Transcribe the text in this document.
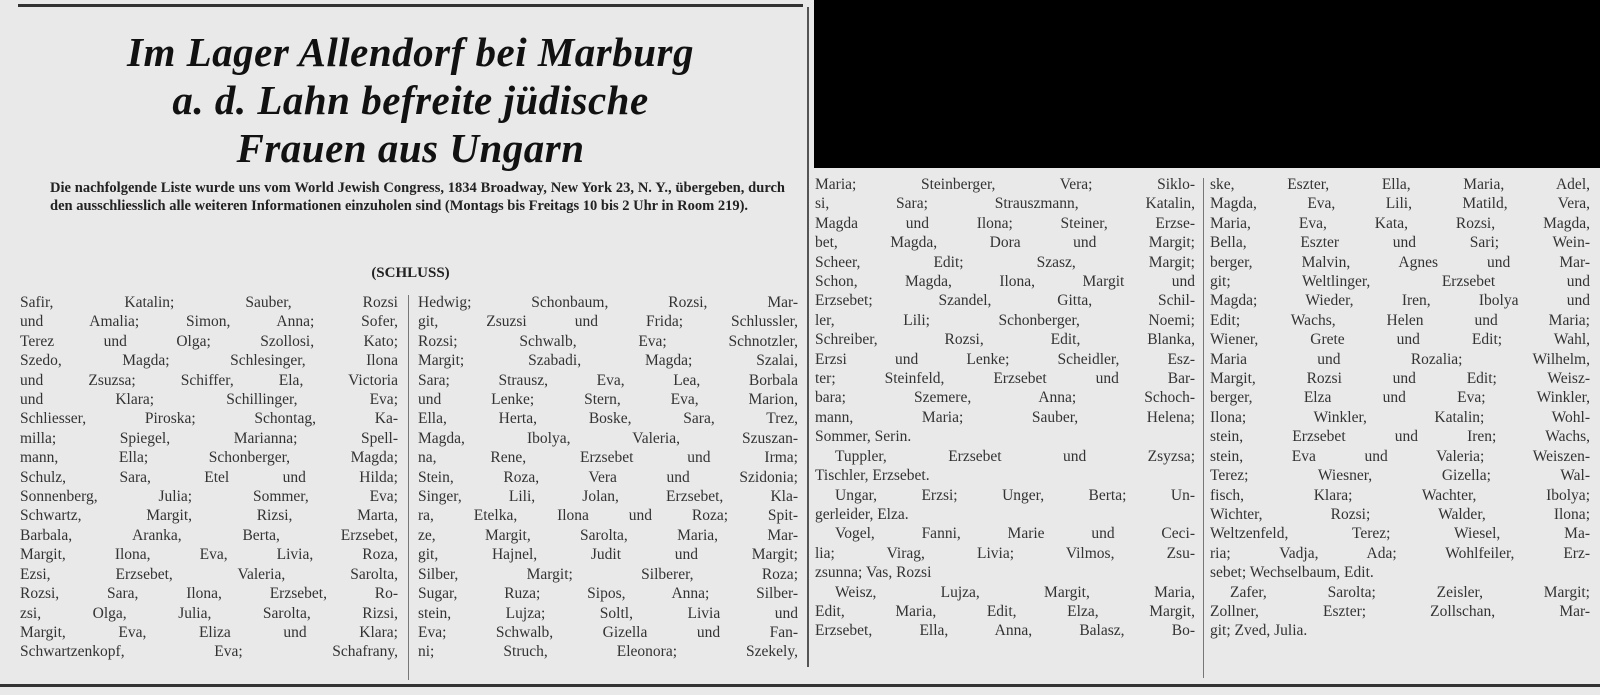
Im Lager Allendorf bei Marburg
a. d. Lahn befreite jüdische
Frauen aus Ungarn
Die nachfolgende Liste wurde uns vom World Jewish Congress, 1834 Broadway, New York 23, N. Y., übergeben, durch den ausschliesslich alle weiteren Informationen einzuholen sind (Montags bis Freitags 10 bis 2 Uhr in Room 219).
(SCHLUSS)
Safir, Katalin; Sauber, Rozsi
und Amalia; Simon, Anna; Sofer,
Terez und Olga; Szollosi, Kato;
Szedo, Magda; Schlesinger, Ilona
und Zsuzsa; Schiffer, Ela, Victoria
und Klara; Schillinger, Eva;
Schliesser, Piroska; Schontag, Ka-
milla; Spiegel, Marianna; Spell-
mann, Ella; Schonberger, Magda;
Schulz, Sara, Etel und Hilda;
Sonnenberg, Julia; Sommer, Eva;
Schwartz, Margit, Rizsi, Marta,
Barbala, Aranka, Berta, Erzsebet,
Margit, Ilona, Eva, Livia, Roza,
Ezsi, Erzsebet, Valeria, Sarolta,
Rozsi, Sara, Ilona, Erzsebet, Ro-
zsi, Olga, Julia, Sarolta, Rizsi,
Margit, Eva, Eliza und Klara;
Schwartzenkopf, Eva; Schafrany,
Hedwig; Schonbaum, Rozsi, Mar-
git, Zsuzsi und Frida; Schlussler,
Rozsi; Schwalb, Eva; Schnotzler,
Margit; Szabadi, Magda; Szalai,
Sara; Strausz, Eva, Lea, Borbala
und Lenke; Stern, Eva, Marion,
Ella, Herta, Boske, Sara, Trez,
Magda, Ibolya, Valeria, Szuszan-
na, Rene, Erzsebet und Irma;
Stein, Roza, Vera und Szidonia;
Singer, Lili, Jolan, Erzsebet, Kla-
ra, Etelka, Ilona und Roza; Spit-
ze, Margit, Sarolta, Maria, Mar-
git, Hajnel, Judit und Margit;
Silber, Margit; Silberer, Roza;
Sugar, Ruza; Sipos, Anna; Silber-
stein, Lujza; Soltl, Livia und
Eva; Schwalb, Gizella und Fan-
ni; Struch, Eleonora; Szekely,
Maria; Steinberger, Vera; Siklo-
si, Sara; Strauszmann, Katalin,
Magda und Ilona; Steiner, Erzse-
bet, Magda, Dora und Margit;
Scheer, Edit; Szasz, Margit;
Schon, Magda, Ilona, Margit und
Erzsebet; Szandel, Gitta, Schil-
ler, Lili; Schonberger, Noemi;
Schreiber, Rozsi, Edit, Blanka,
Erzsi und Lenke; Scheidler, Esz-
ter; Steinfeld, Erzsebet und Bar-
bara; Szemere, Anna; Schoch-
mann, Maria; Sauber, Helena;
Sommer, Serin.
Tuppler, Erzsebet und Zsyzsa;
Tischler, Erzsebet.
Ungar, Erzsi; Unger, Berta; Un-
gerleider, Elza.
Vogel, Fanni, Marie und Ceci-
lia; Virag, Livia; Vilmos, Zsu-
zsunna; Vas, Rozsi
Weisz, Lujza, Margit, Maria,
Edit, Maria, Edit, Elza, Margit,
Erzsebet, Ella, Anna, Balasz, Bo-
ske, Eszter, Ella, Maria, Adel,
Magda, Eva, Lili, Matild, Vera,
Maria, Eva, Kata, Rozsi, Magda,
Bella, Eszter und Sari; Wein-
berger, Malvin, Agnes und Mar-
git; Weltlinger, Erzsebet und
Magda; Wieder, Iren, Ibolya und
Edit; Wachs, Helen und Maria;
Wiener, Grete und Edit; Wahl,
Maria und Rozalia; Wilhelm,
Margit, Rozsi und Edit; Weisz-
berger, Elza und Eva; Winkler,
Ilona; Winkler, Katalin; Wohl-
stein, Erzsebet und Iren; Wachs,
stein, Eva und Valeria; Weiszen-
Terez; Wiesner, Gizella; Wal-
fisch, Klara; Wachter, Ibolya;
Wichter, Rozsi; Walder, Ilona;
Weltzenfeld, Terez; Wiesel, Ma-
ria; Vadja, Ada; Wohlfeiler, Erz-
sebet; Wechselbaum, Edit.
Zafer, Sarolta; Zeisler, Margit;
Zollner, Eszter; Zollschan, Mar-
git; Zved, Julia.
